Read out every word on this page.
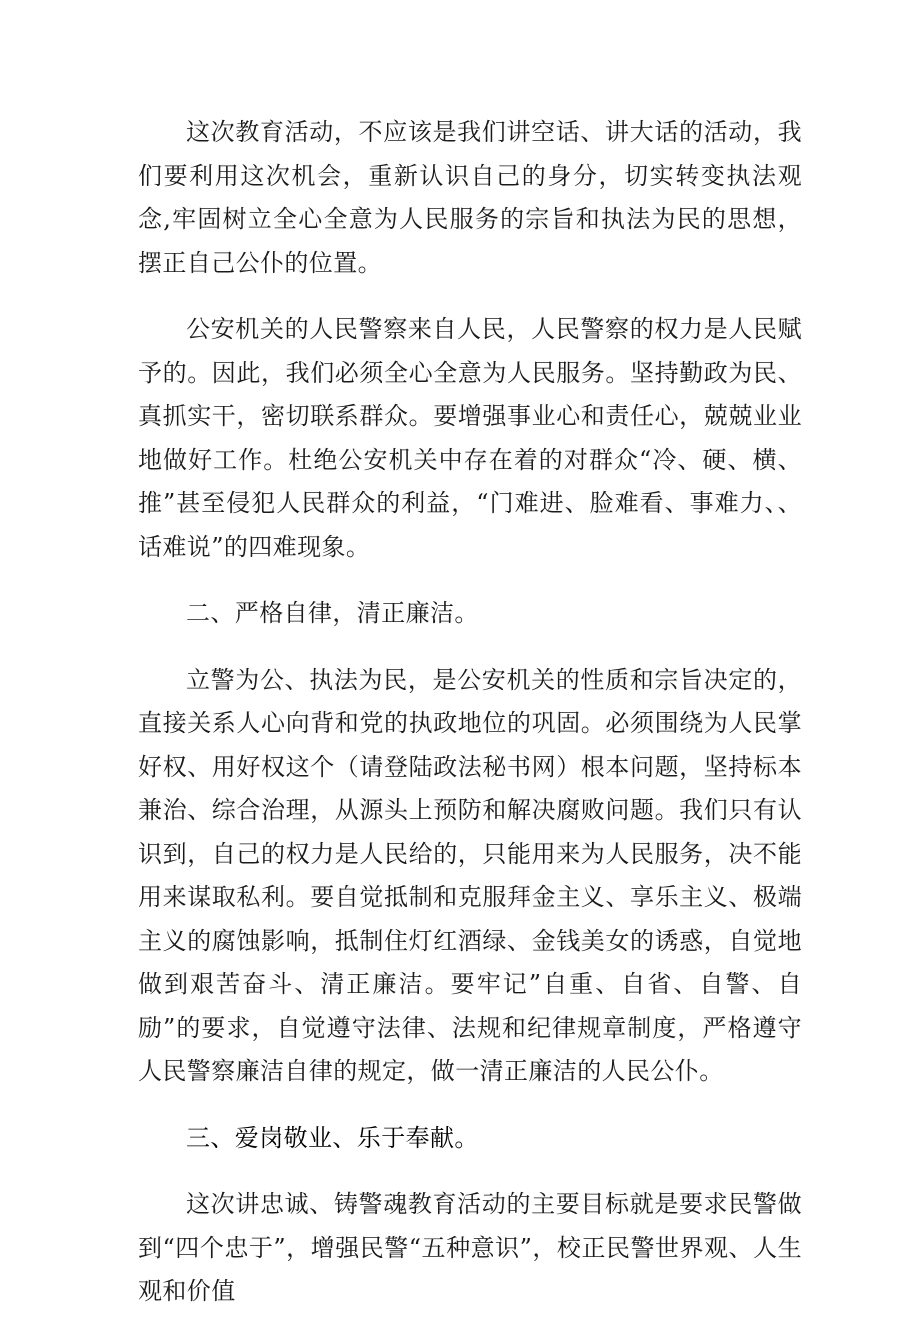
这次教育活动，不应该是我们讲空话、讲大话的活动，我们要利用这次机会，重新认识自己的身分，切实转变执法观念,牢固树立全心全意为人民服务的宗旨和执法为民的思想，摆正自己公仆的位置。

公安机关的人民警察来自人民，人民警察的权力是人民赋予的。因此，我们必须全心全意为人民服务。坚持勤政为民、真抓实干，密切联系群众。要增强事业心和责任心，兢兢业业地做好工作。杜绝公安机关中存在着的对群众“冷、硬、横、推”甚至侵犯人民群众的利益，“门难进、脸难看、事难力、、话难说”的四难现象。

二、严格自律，清正廉洁。

立警为公、执法为民，是公安机关的性质和宗旨决定的，直接关系人心向背和党的执政地位的巩固。必须围绕为人民掌好权、用好权这个（请登陆政法秘书网）根本问题，坚持标本兼治、综合治理，从源头上预防和解决腐败问题。我们只有认识到，自己的权力是人民给的，只能用来为人民服务，决不能用来谋取私利。要自觉抵制和克服拜金主义、享乐主义、极端主义的腐蚀影响，抵制住灯红酒绿、金钱美女的诱惑，自觉地做到艰苦奋斗、清正廉洁。要牢记”自重、自省、自警、自励”的要求，自觉遵守法律、法规和纪律规章制度，严格遵守人民警察廉洁自律的规定，做一清正廉洁的人民公仆。

三、爱岗敬业、乐于奉献。

这次讲忠诚、铸警魂教育活动的主要目标就是要求民警做到“四个忠于”，增强民警“五种意识”，校正民警世界观、人生观和价值
